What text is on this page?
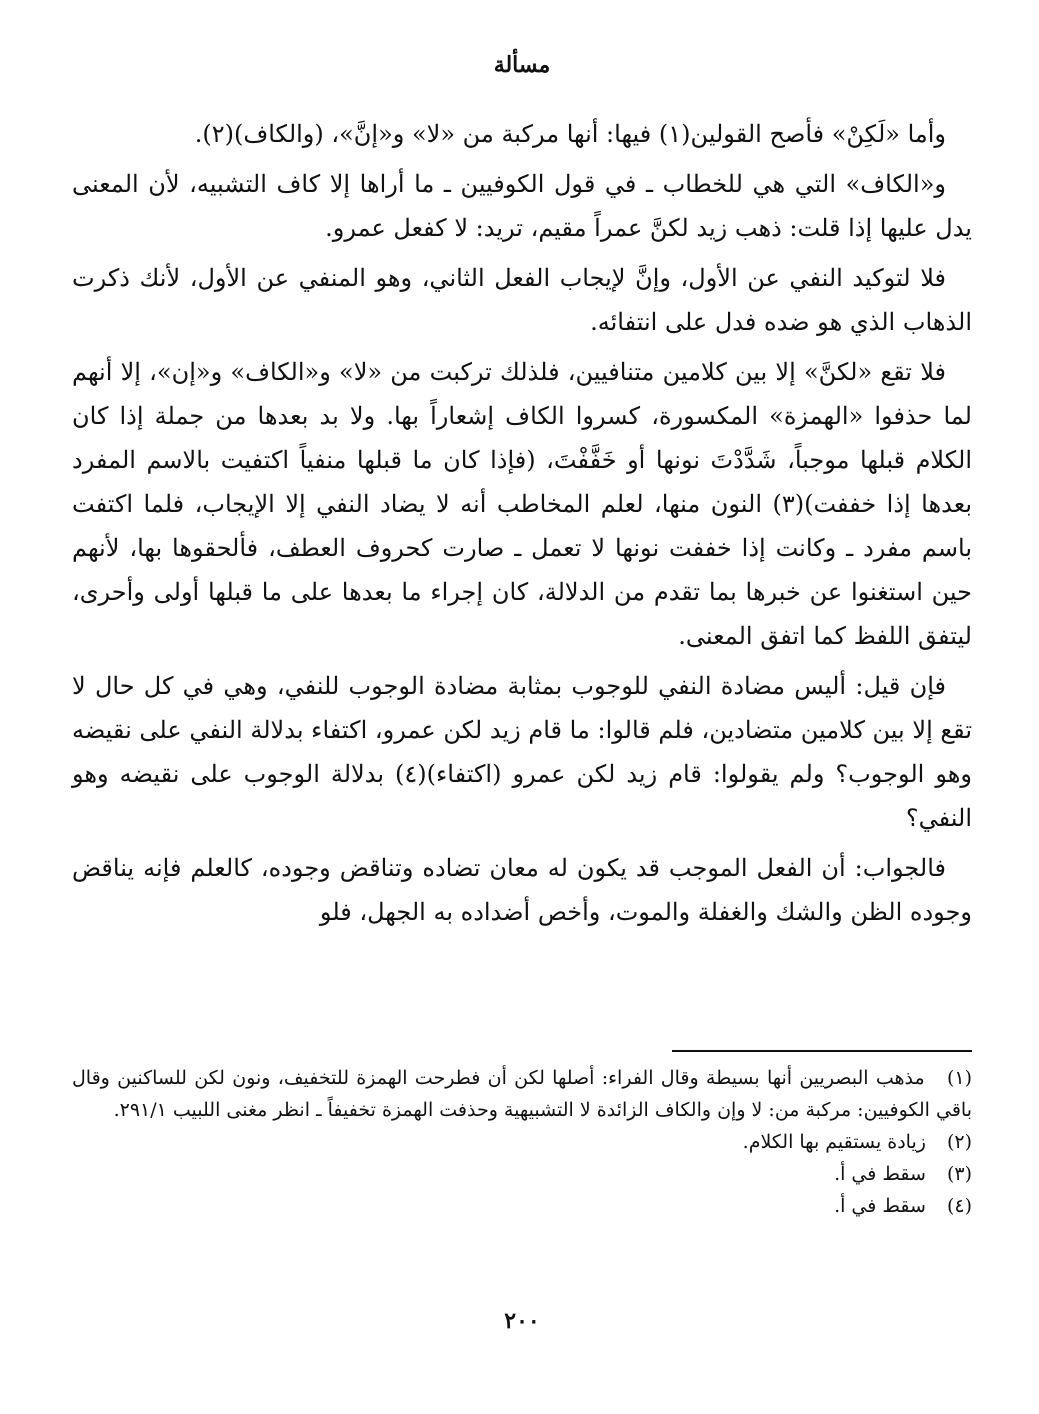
مسألة

وأما «لَكِنْ» فأصح القولين(١) فيها: أنها مركبة من «لا» و«إنَّ»، (والكاف)(٢).

و«الكاف» التي هي للخطاب ـ في قول الكوفيين ـ ما أراها إلا كاف التشبيه، لأن المعنى يدل عليها إذا قلت: ذهب زيد لكنَّ عمراً مقيم، تريد: لا كفعل عمرو.

فلا لتوكيد النفي عن الأول، وإنَّ لإيجاب الفعل الثاني، وهو المنفي عن الأول، لأنك ذكرت الذهاب الذي هو ضده فدل على انتفائه.

فلا تقع «لكنَّ» إلا بين كلامين متنافيين، فلذلك تركبت من «لا» و«الكاف» و«إن»، إلا أنهم لما حذفوا «الهمزة» المكسورة، كسروا الكاف إشعاراً بها. ولا بد بعدها من جملة إذا كان الكلام قبلها موجباً، شَدَّدْتَ نونها أو خَفَّفْتَ، (فإذا كان ما قبلها منفياً اكتفيت بالاسم المفرد بعدها إذا خففت)(٣) النون منها، لعلم المخاطب أنه لا يضاد النفي إلا الإيجاب، فلما اكتفت باسم مفرد ـ وكانت إذا خففت نونها لا تعمل ـ صارت كحروف العطف، فألحقوها بها، لأنهم حين استغنوا عن خبرها بما تقدم من الدلالة، كان إجراء ما بعدها على ما قبلها أولى وأحرى، ليتفق اللفظ كما اتفق المعنى.

فإن قيل: أليس مضادة النفي للوجوب بمثابة مضادة الوجوب للنفي، وهي في كل حال لا تقع إلا بين كلامين متضادين، فلم قالوا: ما قام زيد لكن عمرو، اكتفاء بدلالة النفي على نقيضه وهو الوجوب؟ ولم يقولوا: قام زيد لكن عمرو (اكتفاء)(٤) بدلالة الوجوب على نقيضه وهو النفي؟

فالجواب: أن الفعل الموجب قد يكون له معان تضاده وتناقض وجوده، كالعلم فإنه يناقض وجوده الظن والشك والغفلة والموت، وأخص أضداده به الجهل، فلو

(١) مذهب البصريين أنها بسيطة وقال الفراء: أصلها لكن أن فطرحت الهمزة للتخفيف، ونون لكن للساكنين وقال باقي الكوفيين: مركبة من: لا وإن والكاف الزائدة لا التشبيهية وحذفت الهمزة تخفيفاً ـ انظر مغنى اللبيب ٢٩١/١.

(٢) زيادة يستقيم بها الكلام.

(٣) سقط في أ.

(٤) سقط في أ.

٢٠٠
